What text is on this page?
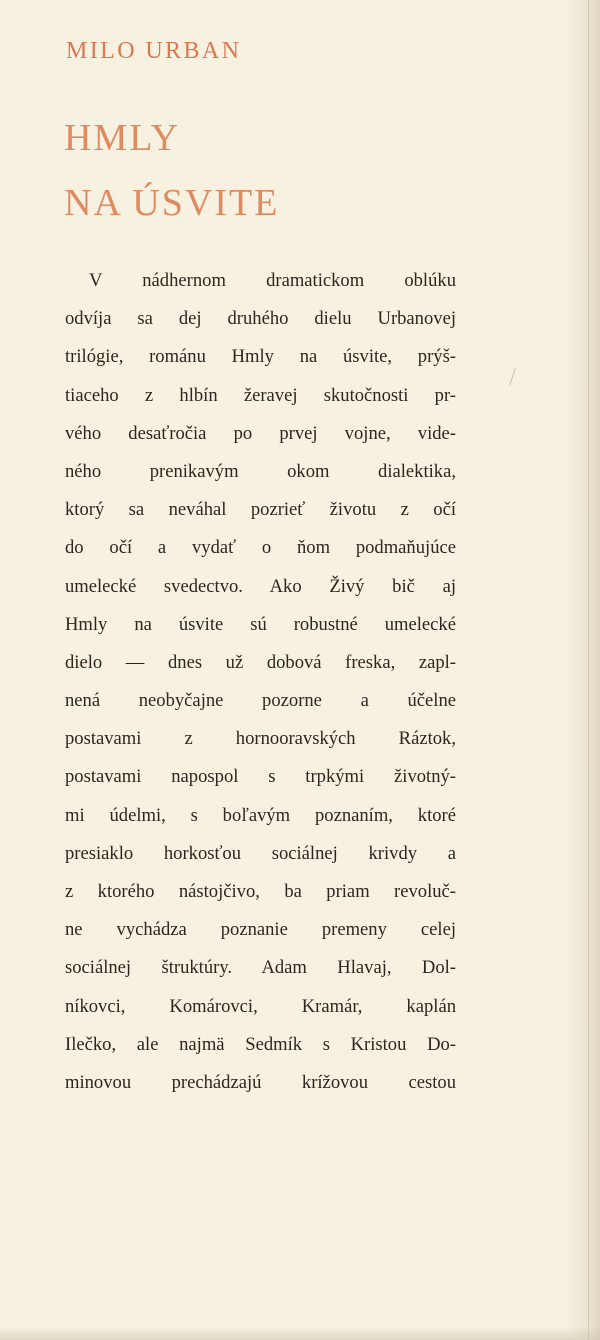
MILO URBAN
HMLY
NA ÚSVITE
V nádhernom dramatickom oblúku
odvíja sa dej druhého dielu Urbanovej
trilógie, románu Hmly na úsvite, prýš-
tiaceho z hlbín žeravej skutočnosti pr-
vého desaťročia po prvej vojne, vide-
ného prenikavým okom dialektika,
ktorý sa neváhal pozrieť životu z očí
do očí a vydať o ňom podmaňujúce
umelecké svedectvo. Ako Živý bič aj
Hmly na úsvite sú robustné umelecké
dielo — dnes už dobová freska, zapl-
nená neobyčajne pozorne a účelne
postavami z hornooravských Ráztok,
postavami napospol s trpkými životný-
mi údelmi, s boľavým poznaním, ktoré
presiaklo horkosťou sociálnej krivdy a
z ktorého nástojčivo, ba priam revoluč-
ne vychádza poznanie premeny celej
sociálnej štruktúry. Adam Hlavaj, Dol-
níkovci, Komárovci, Kramár, kaplán
Ilečko, ale najmä Sedmík s Kristou Do-
minovou prechádzajú krížovou cestou
